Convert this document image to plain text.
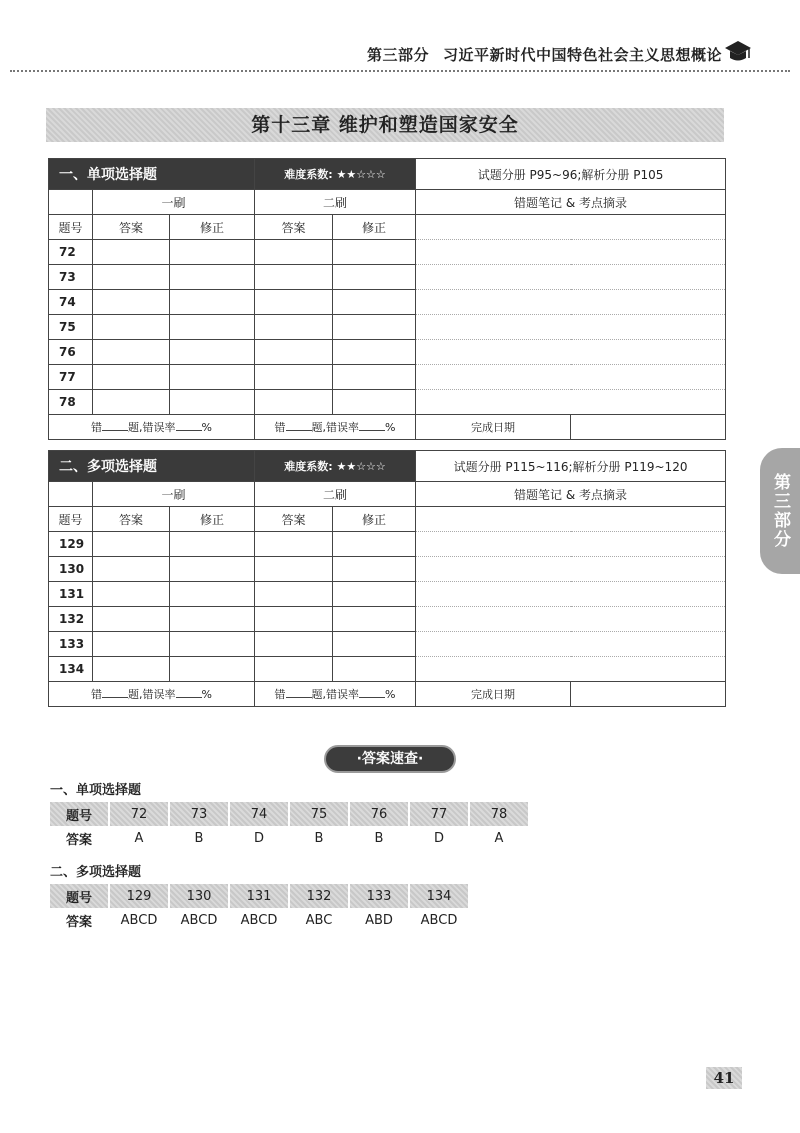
第三部分 习近平新时代中国特色社会主义思想概论
第十三章 维护和塑造国家安全
一、单项选择题			难度系数: ★★☆☆☆		试题分册 P95~96;解析分册 P105	
	一刷		二刷		错题笔记 & 考点摘录	
题号	答案	修正	答案	修正		
72						
73						
74						
75						
76						
77						
78						
错 题,错误率 %			错 题,错误率 %		完成日期	
二、多项选择题			难度系数: ★★☆☆☆		试题分册 P115~116;解析分册 P119~120	
	一刷		二刷		错题笔记 & 考点摘录	
题号	答案	修正	答案	修正		
129						
130						
131						
132						
133						
134						
错 题,错误率 %			错 题,错误率 %		完成日期	
第三部分
·答案速查·
一、单项选择题
题号	72	73	74	75	76	77	78
答案	A	B	D	B	B	D	A
二、多项选择题
题号	129	130	131	132	133	134
答案	ABCD	ABCD	ABCD	ABC	ABD	ABCD
41
